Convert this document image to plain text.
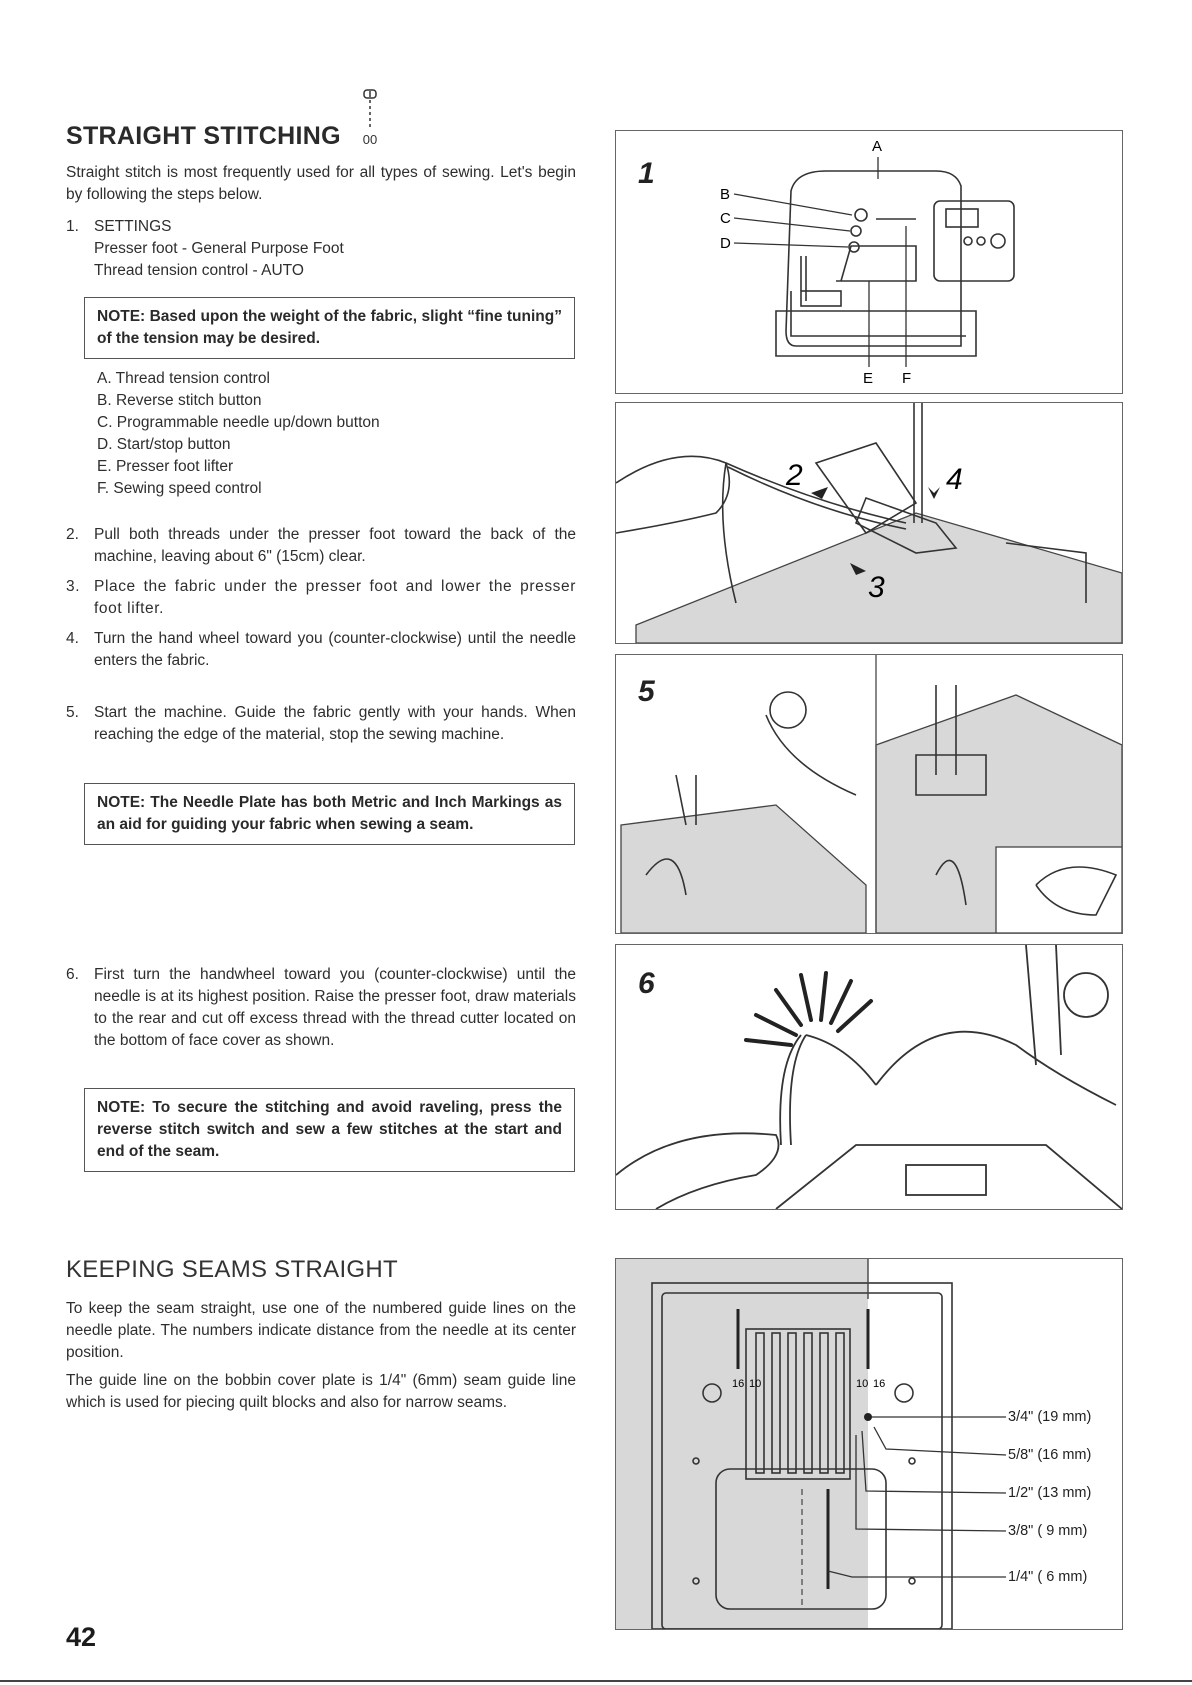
STRAIGHT STITCHING 00
Straight stitch is most frequently used for all types of sewing. Let's begin by following the steps below.
1. SETTINGS
Presser foot - General Purpose Foot
Thread tension control - AUTO
NOTE: Based upon the weight of the fabric, slight “fine tuning” of the tension may be desired.
A. Thread tension control
B. Reverse stitch button
C. Programmable needle up/down button
D. Start/stop button
E. Presser foot lifter
F. Sewing speed control
2. Pull both threads under the presser foot toward the back of the machine, leaving about 6" (15cm) clear.
3. Place the fabric under the presser foot and lower the presser foot lifter.
4. Turn the hand wheel toward you (counter-clockwise) until the needle enters the fabric.
5. Start the machine. Guide the fabric gently with your hands. When reaching the edge of the material, stop the sewing machine.
NOTE: The Needle Plate has both Metric and Inch Markings as an aid for guiding your fabric when sewing a seam.
6. First turn the handwheel toward you (counter-clockwise) until the needle is at its highest position. Raise the presser foot, draw materials to the rear and cut off excess thread with the thread cutter located on the bottom of face cover as shown.
NOTE: To secure the stitching and avoid raveling, press the reverse stitch switch and sew a few stitches at the start and end of the seam.
KEEPING SEAMS STRAIGHT
To keep the seam straight, use one of the numbered guide lines on the needle plate. The numbers indicate distance from the needle at its center position.
The guide line on the bobbin cover plate is 1/4" (6mm) seam guide line which is used for piecing quilt blocks and also for narrow seams.
42
1
B
C
D
A
E F
2
3
4
5
6
16 10	10 16
3/4" (19 mm)
5/8" (16 mm)
1/2" (13 mm)
3/8" ( 9 mm)
1/4" ( 6 mm)
